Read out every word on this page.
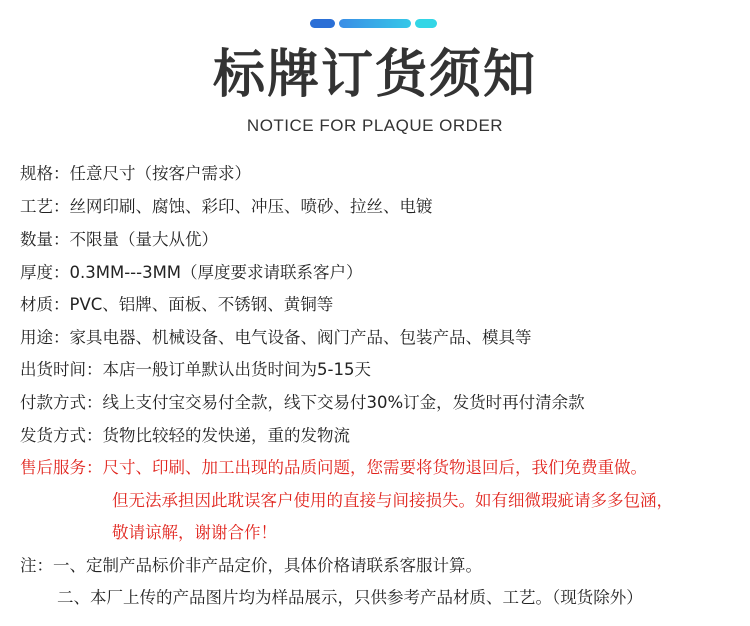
标牌订货须知
NOTICE FOR PLAQUE ORDER
规格：任意尺寸（按客户需求）
工艺：丝网印刷、腐蚀、彩印、冲压、喷砂、拉丝、电镀
数量：不限量（量大从优）
厚度：0.3MM---3MM（厚度要求请联系客户）
材质：PVC、铝牌、面板、不锈钢、黄铜等
用途：家具电器、机械设备、电气设备、阀门产品、包装产品、模具等
出货时间：本店一般订单默认出货时间为5-15天
付款方式：线上支付宝交易付全款，线下交易付30%订金，发货时再付清余款
发货方式：货物比较轻的发快递，重的发物流
售后服务：尺寸、印刷、加工出现的品质问题，您需要将货物退回后，我们免费重做。
但无法承担因此耽误客户使用的直接与间接损失。如有细微瑕疵请多多包涵，
敬请谅解，谢谢合作！
注：一、定制产品标价非产品定价，具体价格请联系客服计算。
二、本厂上传的产品图片均为样品展示，只供参考产品材质、工艺。（现货除外）
